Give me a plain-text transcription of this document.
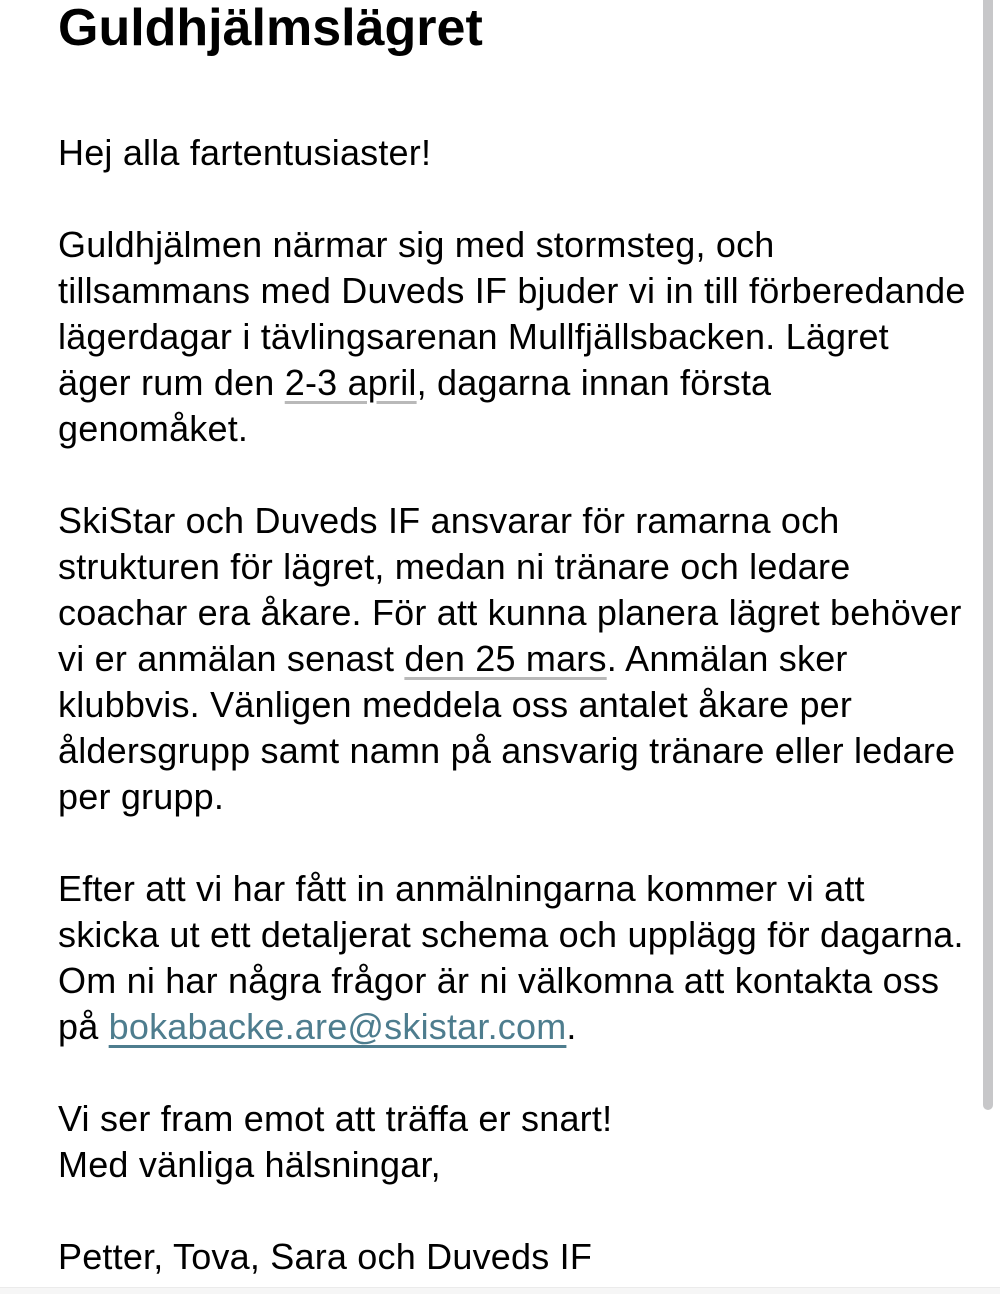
Guldhjälmslägret

Hej alla fartentusiaster!

Guldhjälmen närmar sig med stormsteg, och
tillsammans med Duveds IF bjuder vi in till förberedande
lägerdagar i tävlingsarenan Mullfjällsbacken. Lägret
äger rum den 2-3 april, dagarna innan första
genomåket.

SkiStar och Duveds IF ansvarar för ramarna och
strukturen för lägret, medan ni tränare och ledare
coachar era åkare. För att kunna planera lägret behöver
vi er anmälan senast den 25 mars. Anmälan sker
klubbvis. Vänligen meddela oss antalet åkare per
åldersgrupp samt namn på ansvarig tränare eller ledare
per grupp.

Efter att vi har fått in anmälningarna kommer vi att
skicka ut ett detaljerat schema och upplägg för dagarna.
Om ni har några frågor är ni välkomna att kontakta oss
på bokabacke.are@skistar.com.

Vi ser fram emot att träffa er snart!
Med vänliga hälsningar,

Petter, Tova, Sara och Duveds IF
